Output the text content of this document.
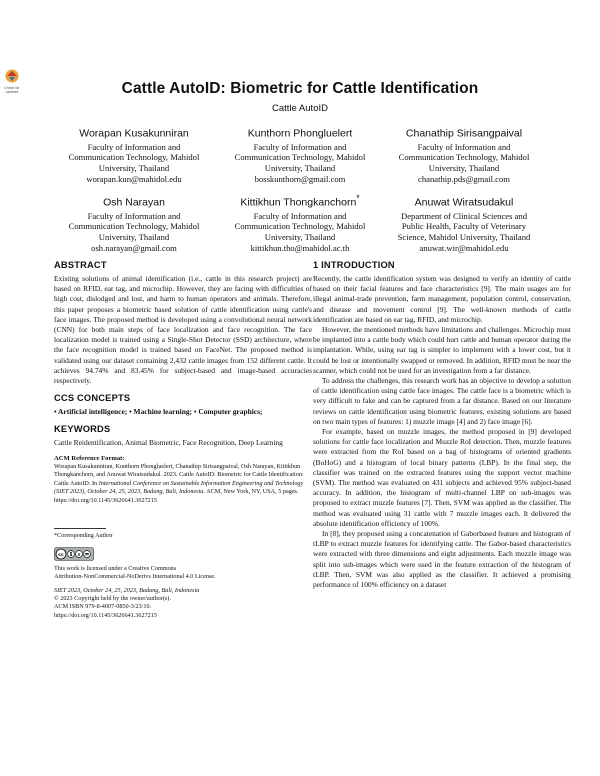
Check for
updates	Cattle AutoID: Biometric for Cattle Identification
Cattle AutoID
Worapan Kusakunniran
Faculty of Information and
Communication Technology, Mahidol
University, Thailand
worapan.kun@mahidol.edu
Kunthorn Phongluelert
Faculty of Information and
Communication Technology, Mahidol
University, Thailand
bosskunthorn@gmail.com
Chanathip Sirisangpaival
Faculty of Information and
Communication Technology, Mahidol
University, Thailand
chanathip.pds@gmail.com
Osh Narayan
Faculty of Information and
Communication Technology, Mahidol
University, Thailand
osh.narayan@gmail.com
Kittikhun Thongkanchorn*
Faculty of Information and
Communication Technology, Mahidol
University, Thailand
kittikhun.tho@mahidol.ac.th
Anuwat Wiratsudakul
Department of Clinical Sciences and
Public Health, Faculty of Veterinary
Science, Mahidol University, Thailand
anuwat.wir@mahidol.edu
ABSTRACT

Existing solutions of animal identification (i.e., cattle in this research project) are based on RFID, ear tag, and microchip. However, they are facing with difficulties of high cost, dislodged and lost, and harm to human operators and animals. Therefore, this paper proposes a biometric based solution of cattle identification using cattle's face images. The proposed method is developed using a convolutional neural network (CNN) for both main steps of face localization and face recognition. The face localization model is trained using a Single-Shot Detector (SSD) architecture, where the face recognition model is trained based on FaceNet. The proposed method is validated using our dataset containing 2,432 cattle images from 152 different cattle. It achieves 94.74% and 83.45% for subject-based and image-based accuracies respectively.

CCS CONCEPTS

• Artificial intelligence; • Machine learning; • Computer graphics;

KEYWORDS

Cattle Reidentification, Animal Biometric, Face Recognition, Deep Learning

ACM Reference Format:

Worapan Kusakunniran, Kunthorn Phongluelert, Chanathip Sirisangpaival, Osh Narayan, Kittikhun Thongkanchorn, and Anuwat Wiratsudakul. 2023. Cattle AutoID: Biometric for Cattle Identification: Cattle AutoID. In International Conference on Sustainable Information Engineering and Technology (SIET 2023), October 24, 25, 2023, Badung, Bali, Indonesia. ACM, New York, NY, USA, 5 pages. https://doi.org/10.1145/3626641.3627215

*Corresponding Author

cc	$

This work is licensed under a Creative Commons

Attribution-NonCommercial-NoDerivs International 4.0 License.

SIET 2023, October 24, 25, 2023, Badung, Bali, Indonesia

© 2023 Copyright held by the owner/author(s).

ACM ISBN 979-8-4007-0850-3/23/10.

https://doi.org/10.1145/3626641.3627215

1 INTRODUCTION

Recently, the cattle identification system was designed to verify an identity of cattle based on their facial features and face characteristics [9]. The main usages are for illegal animal-trade prevention, farm management, population control, conservation, and disease and movement control [9]. The well-known methods of cattle identification are based on ear tag, RFID, and microchip.

However, the mentioned methods have limitations and challenges. Microchip must be implanted into a cattle body which could hurt cattle and human operator during the implantation. While, using ear tag is simpler to implement with a lower cost, but it could be lost or intentionally swapped or removed. In addition, RFID must be near the scanner, which could not be used for an investigation from a far distance.

To address the challenges, this research work has an objective to develop a solution of cattle identification using cattle face images. The cattle face is a biometric which is very difficult to fake and can be captured from a far distance. Based on our literature reviews on cattle identification using biometric features, existing solutions are based on two main types of features: 1) muzzle image [4] and 2) face image [6].

For example, based on muzzle images, the method proposed in [9] developed solutions for cattle face localization and Muzzle RoI detection. Then, muzzle features were extracted from the RoI based on a bag of histograms of oriented gradients (BoHoG) and a histogram of local binary patterns (LBP). In the final step, the classifier was trained on the extracted features using the support vector machine (SVM). The method was evaluated on 431 subjects and achieved 95% subject-based accuracy. In addition, the histogram of multi-channel LBP on sub-images was proposed to extract muzzle features [7]. Then, SVM was applied as the classifier. The method was evaluated using 31 cattle with 7 muzzle images each. It delivered the absolute identification efficiency of 100%.

In [8], they proposed using a concatenation of Gaborbased feature and histogram of tLBP to extract muzzle features for identifying cattle. The Gabor-based characteristics were extracted with three dimensions and eight adjustments. Each muzzle image was split into sub-images which were used in the feature extraction of the histogram of tLBP. Then, SVM was also applied as the classifier. It achieved a promising performance of 100% efficiency on a dataset
